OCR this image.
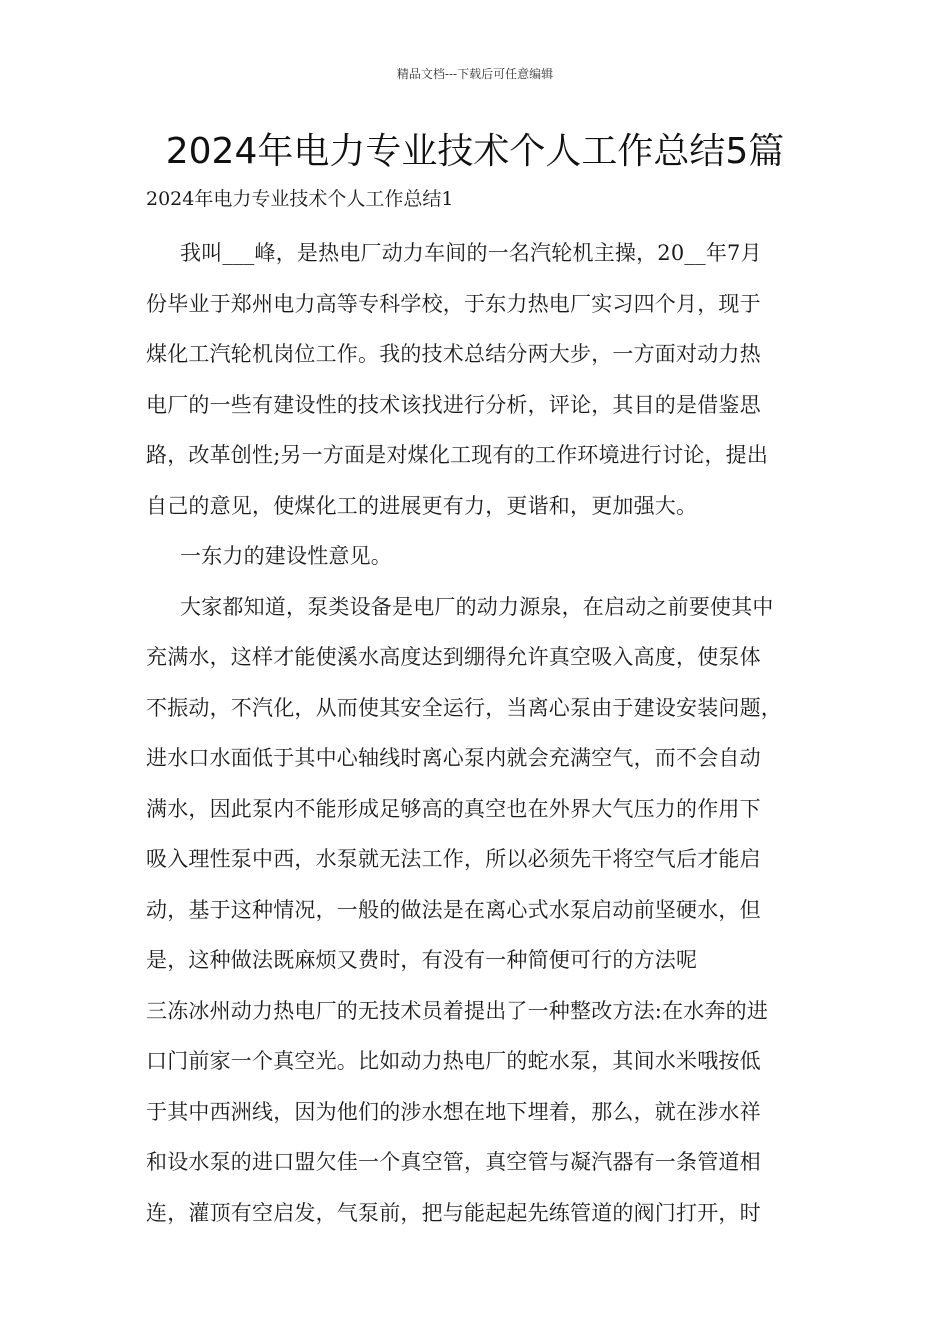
精品文档---下载后可任意编辑
2024年电力专业技术个人工作总结5篇
2024年电力专业技术个人工作总结1
我叫___峰，是热电厂动力车间的一名汽轮机主操，20__年7月
份毕业于郑州电力高等专科学校，于东力热电厂实习四个月，现于
煤化工汽轮机岗位工作。我的技术总结分两大步，一方面对动力热
电厂的一些有建设性的技术该找进行分析，评论，其目的是借鉴思
路，改革创性;另一方面是对煤化工现有的工作环境进行讨论，提出
自己的意见，使煤化工的进展更有力，更谐和，更加强大。
一东力的建设性意见。
大家都知道，泵类设备是电厂的动力源泉，在启动之前要使其中
充满水，这样才能使溪水高度达到绷得允许真空吸入高度，使泵体
不振动，不汽化，从而使其安全运行，当离心泵由于建设安装问题，
进水口水面低于其中心轴线时离心泵内就会充满空气，而不会自动
满水，因此泵内不能形成足够高的真空也在外界大气压力的作用下
吸入理性泵中西，水泵就无法工作，所以必须先干将空气后才能启
动，基于这种情况，一般的做法是在离心式水泵启动前坚硬水，但
是，这种做法既麻烦又费时，有没有一种简便可行的方法呢
三冻冰州动力热电厂的无技术员着提出了一种整改方法:在水奔的进
口门前家一个真空光。比如动力热电厂的蛇水泵，其间水米哦按低
于其中西洲线，因为他们的涉水想在地下埋着，那么，就在涉水祥
和设水泵的进口盟欠佳一个真空管，真空管与凝汽器有一条管道相
连，灌顶有空启发，气泵前，把与能起起先练管道的阀门打开，时
